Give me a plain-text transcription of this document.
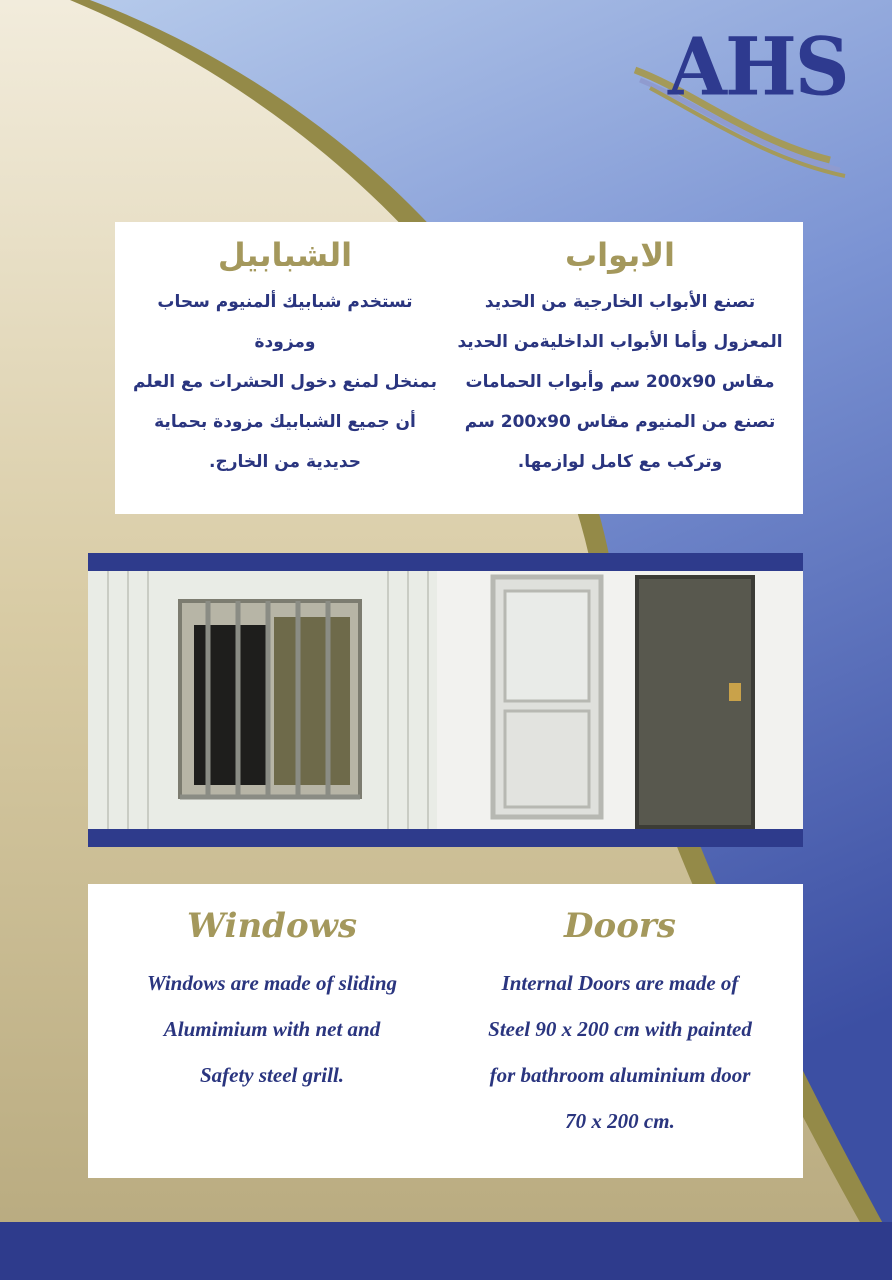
AHS
الشبابيل
تستخدم شبابيك ألمنيوم سحاب ومزودة
بمنخل لمنع دخول الحشرات مع العلم
أن جميع الشبابيك مزودة بحماية
حديدية من الخارج.
الابواب
تصنع الأبواب الخارجية من الحديد
المعزول وأما الأبواب الداخليةمن الحديد
مقاس 200x90 سم وأبواب الحمامات
تصنع من المنيوم مقاس 200x90 سم
وتركب مع كامل لوازمها.
Windows
Windows are made of sliding
Alumimium with net and
Safety steel grill.
Doors
Internal Doors are made of
Steel 90 x 200 cm with painted
for bathroom aluminium door
70 x 200 cm.
